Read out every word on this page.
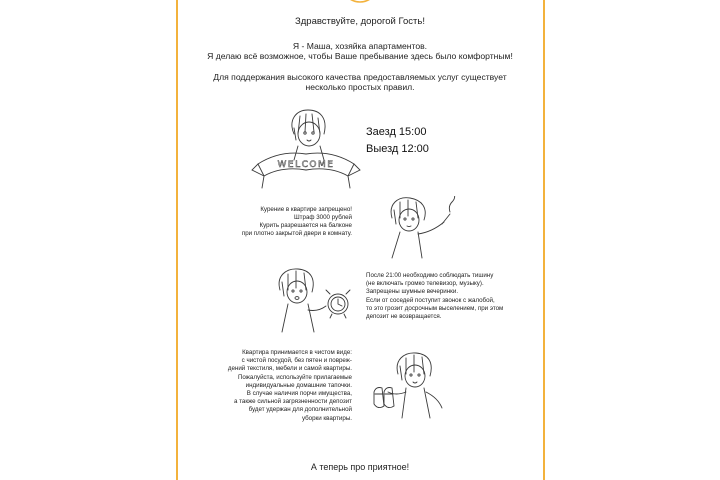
Здравствуйте, дорогой Гость!
Я - Маша, хозяйка апартаментов.
Я делаю всё возможное, чтобы Ваше пребывание здесь было комфортным!
Для поддержания высокого качества предоставляемых услуг существует
несколько простых правил.
WELCOME
Заезд 15:00
Выезд 12:00
Курение в квартире запрещено!
Штраф 3000 рублей
Курить разрешается на балконе
при плотно закрытой двери в комнату.
После 21:00 необходимо соблюдать тишину
(не включать громко телевизор, музыку).
Запрещены шумные вечеринки.
Если от соседей поступит звонок с жалобой,
то это грозит досрочным выселением, при этом
депозит не возвращается.
Квартира принимается в чистом виде:
с чистой посудой, без пятен и повреж-
дений текстиля, мебели и самой квартиры.
Пожалуйста, используйте прилагаемые
индивидуальные домашние тапочки.
В случае наличия порчи имущества,
а также сильной загрязненности депозит
будет удержан для дополнительной
уборки квартиры.
А теперь про приятное!
